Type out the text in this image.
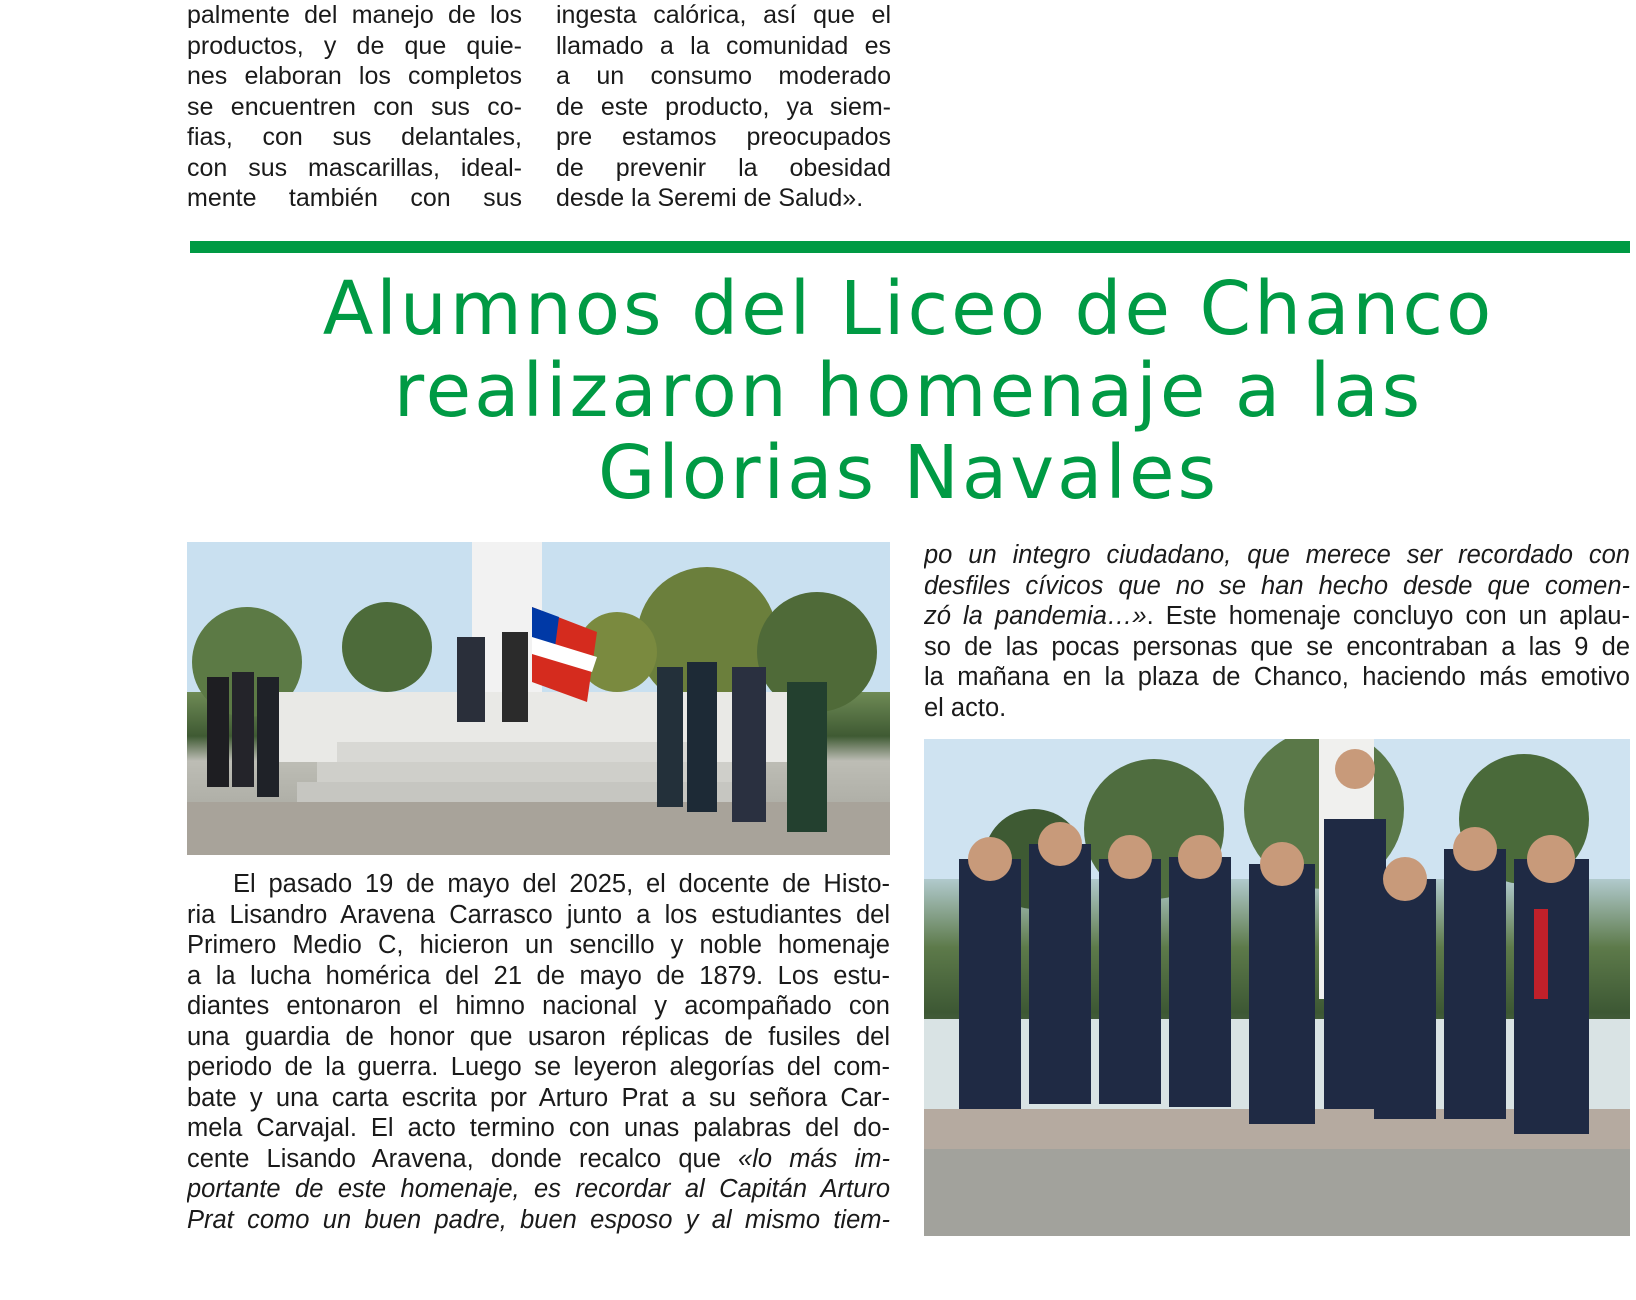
palmente del manejo de los
productos, y de que quie-
nes elaboran los completos
se encuentren con sus co-
fias, con sus delantales,
con sus mascarillas, ideal-
mente también con sus
ingesta calórica, así que el
llamado a la comunidad es
a un consumo moderado
de este producto, ya siem-
pre estamos preocupados
de prevenir la obesidad
desde la Seremi de Salud».
Alumnos del Liceo de Chanco
realizaron homenaje a las
Glorias Navales
El pasado 19 de mayo del 2025, el docente de Histo-
ria Lisandro Aravena Carrasco junto a los estudiantes del
Primero Medio C, hicieron un sencillo y noble homenaje
a la lucha homérica del 21 de mayo de 1879. Los estu-
diantes entonaron el himno nacional y acompañado con
una guardia de honor que usaron réplicas de fusiles del
periodo de la guerra. Luego se leyeron alegorías del com-
bate y una carta escrita por Arturo Prat a su señora Car-
mela Carvajal. El acto termino con unas palabras del do-
cente Lisando Aravena, donde recalco que «lo más im-
portante de este homenaje, es recordar al Capitán Arturo
Prat como un buen padre, buen esposo y al mismo tiem-
po un integro ciudadano, que merece ser recordado con
desfiles cívicos que no se han hecho desde que comen-
zó la pandemia…». Este homenaje concluyo con un aplau-
so de las pocas personas que se encontraban a las 9 de
la mañana en la plaza de Chanco, haciendo más emotivo
el acto.
